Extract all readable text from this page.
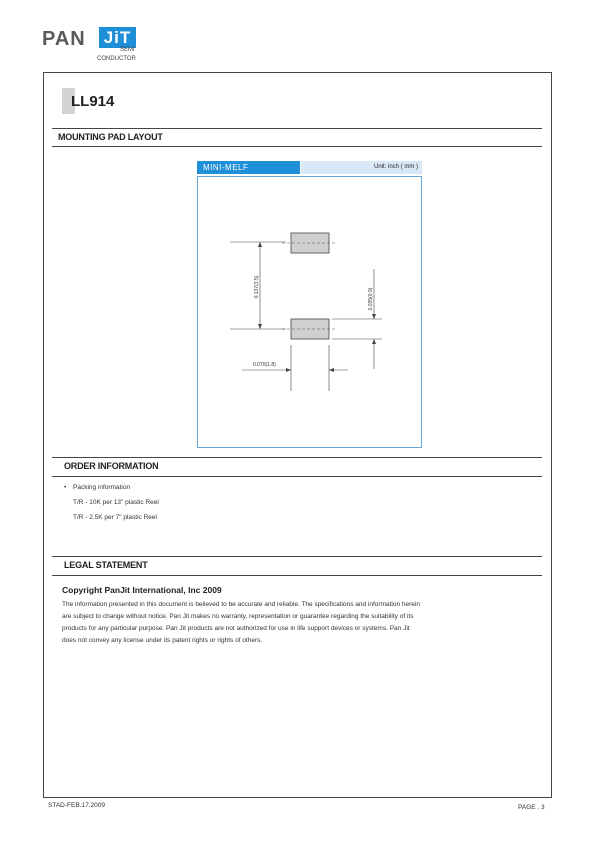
PAN JiT
SEMI
CONDUCTOR
LL914
MOUNTING PAD LAYOUT
MINI-MELF	Unit: inch ( mm )
0.137(3.5)
0.035(0.9)
0.070(1.8)
ORDER INFORMATION
• Packing information
T/R - 10K per 13" plastic Reel
T/R - 2.5K per 7" plastic Reel
LEGAL STATEMENT
Copyright PanJit International, Inc 2009
The information presented in this document is believed to be accurate and reliable. The specifications and information herein
are subject to change without notice. Pan Jit makes no warranty, representation or guarantee regarding the suitability of its
products for any particular purpose. Pan Jit products are not authorized for use in life support devices or systems. Pan Jit
does not convey any license under its patent rights or rights of others.
STAD-FEB.17.2009	PAGE . 3
